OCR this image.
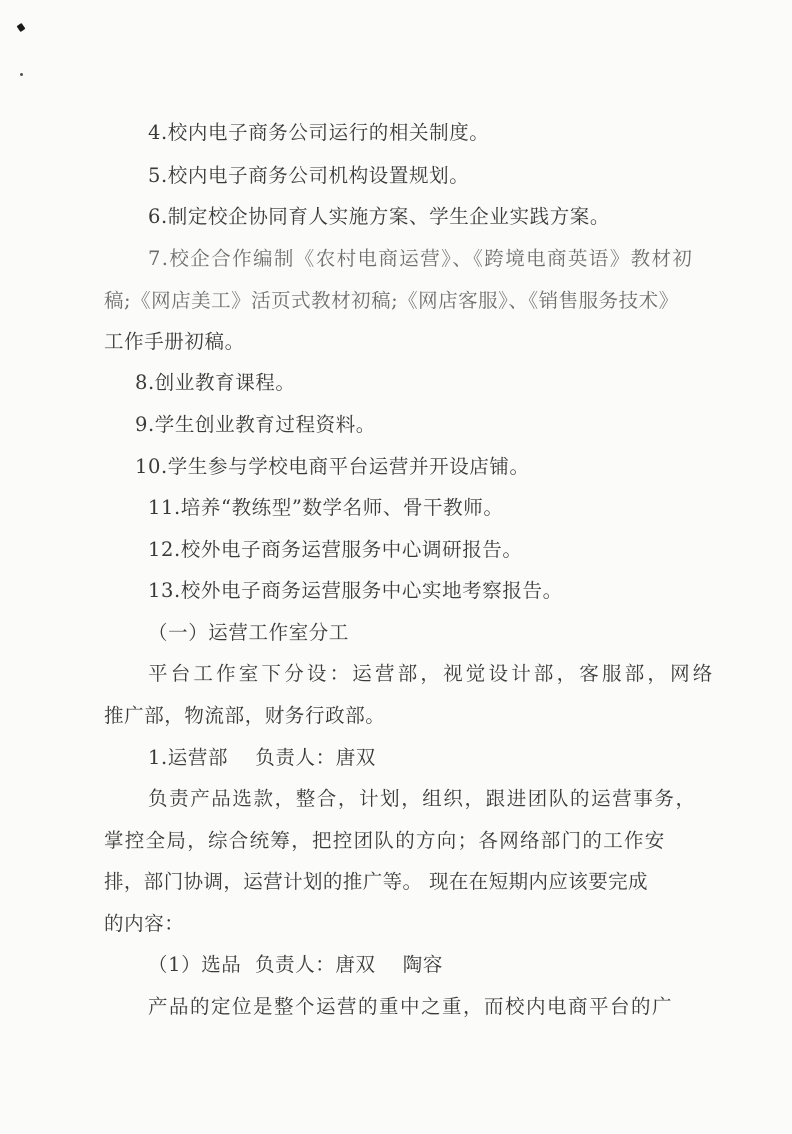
4.校内电子商务公司运行的相关制度。
5.校内电子商务公司机构设置规划。
6.制定校企协同育人实施方案、学生企业实践方案。
7.校企合作编制《农村电商运营》、《跨境电商英语》教材初
稿;《网店美工》活页式教材初稿;《网店客服》、《销售服务技术》
工作手册初稿。
8.创业教育课程。
9.学生创业教育过程资料。
10.学生参与学校电商平台运营并开设店铺。
11.培养“教练型”数学名师、骨干教师。
12.校外电子商务运营服务中心调研报告。
13.校外电子商务运营服务中心实地考察报告。
（一）运营工作室分工
平台工作室下分设：运营部，视觉设计部，客服部，网络
推广部，物流部，财务行政部。
1.运营部    负责人：唐双
负责产品选款，整合，计划，组织，跟进团队的运营事务，
掌控全局，综合统筹，把控团队的方向；各网络部门的工作安
排，部门协调，运营计划的推广等。 现在在短期内应该要完成
的内容：
（1）选品  负责人：唐双    陶容
产品的定位是整个运营的重中之重，而校内电商平台的广
